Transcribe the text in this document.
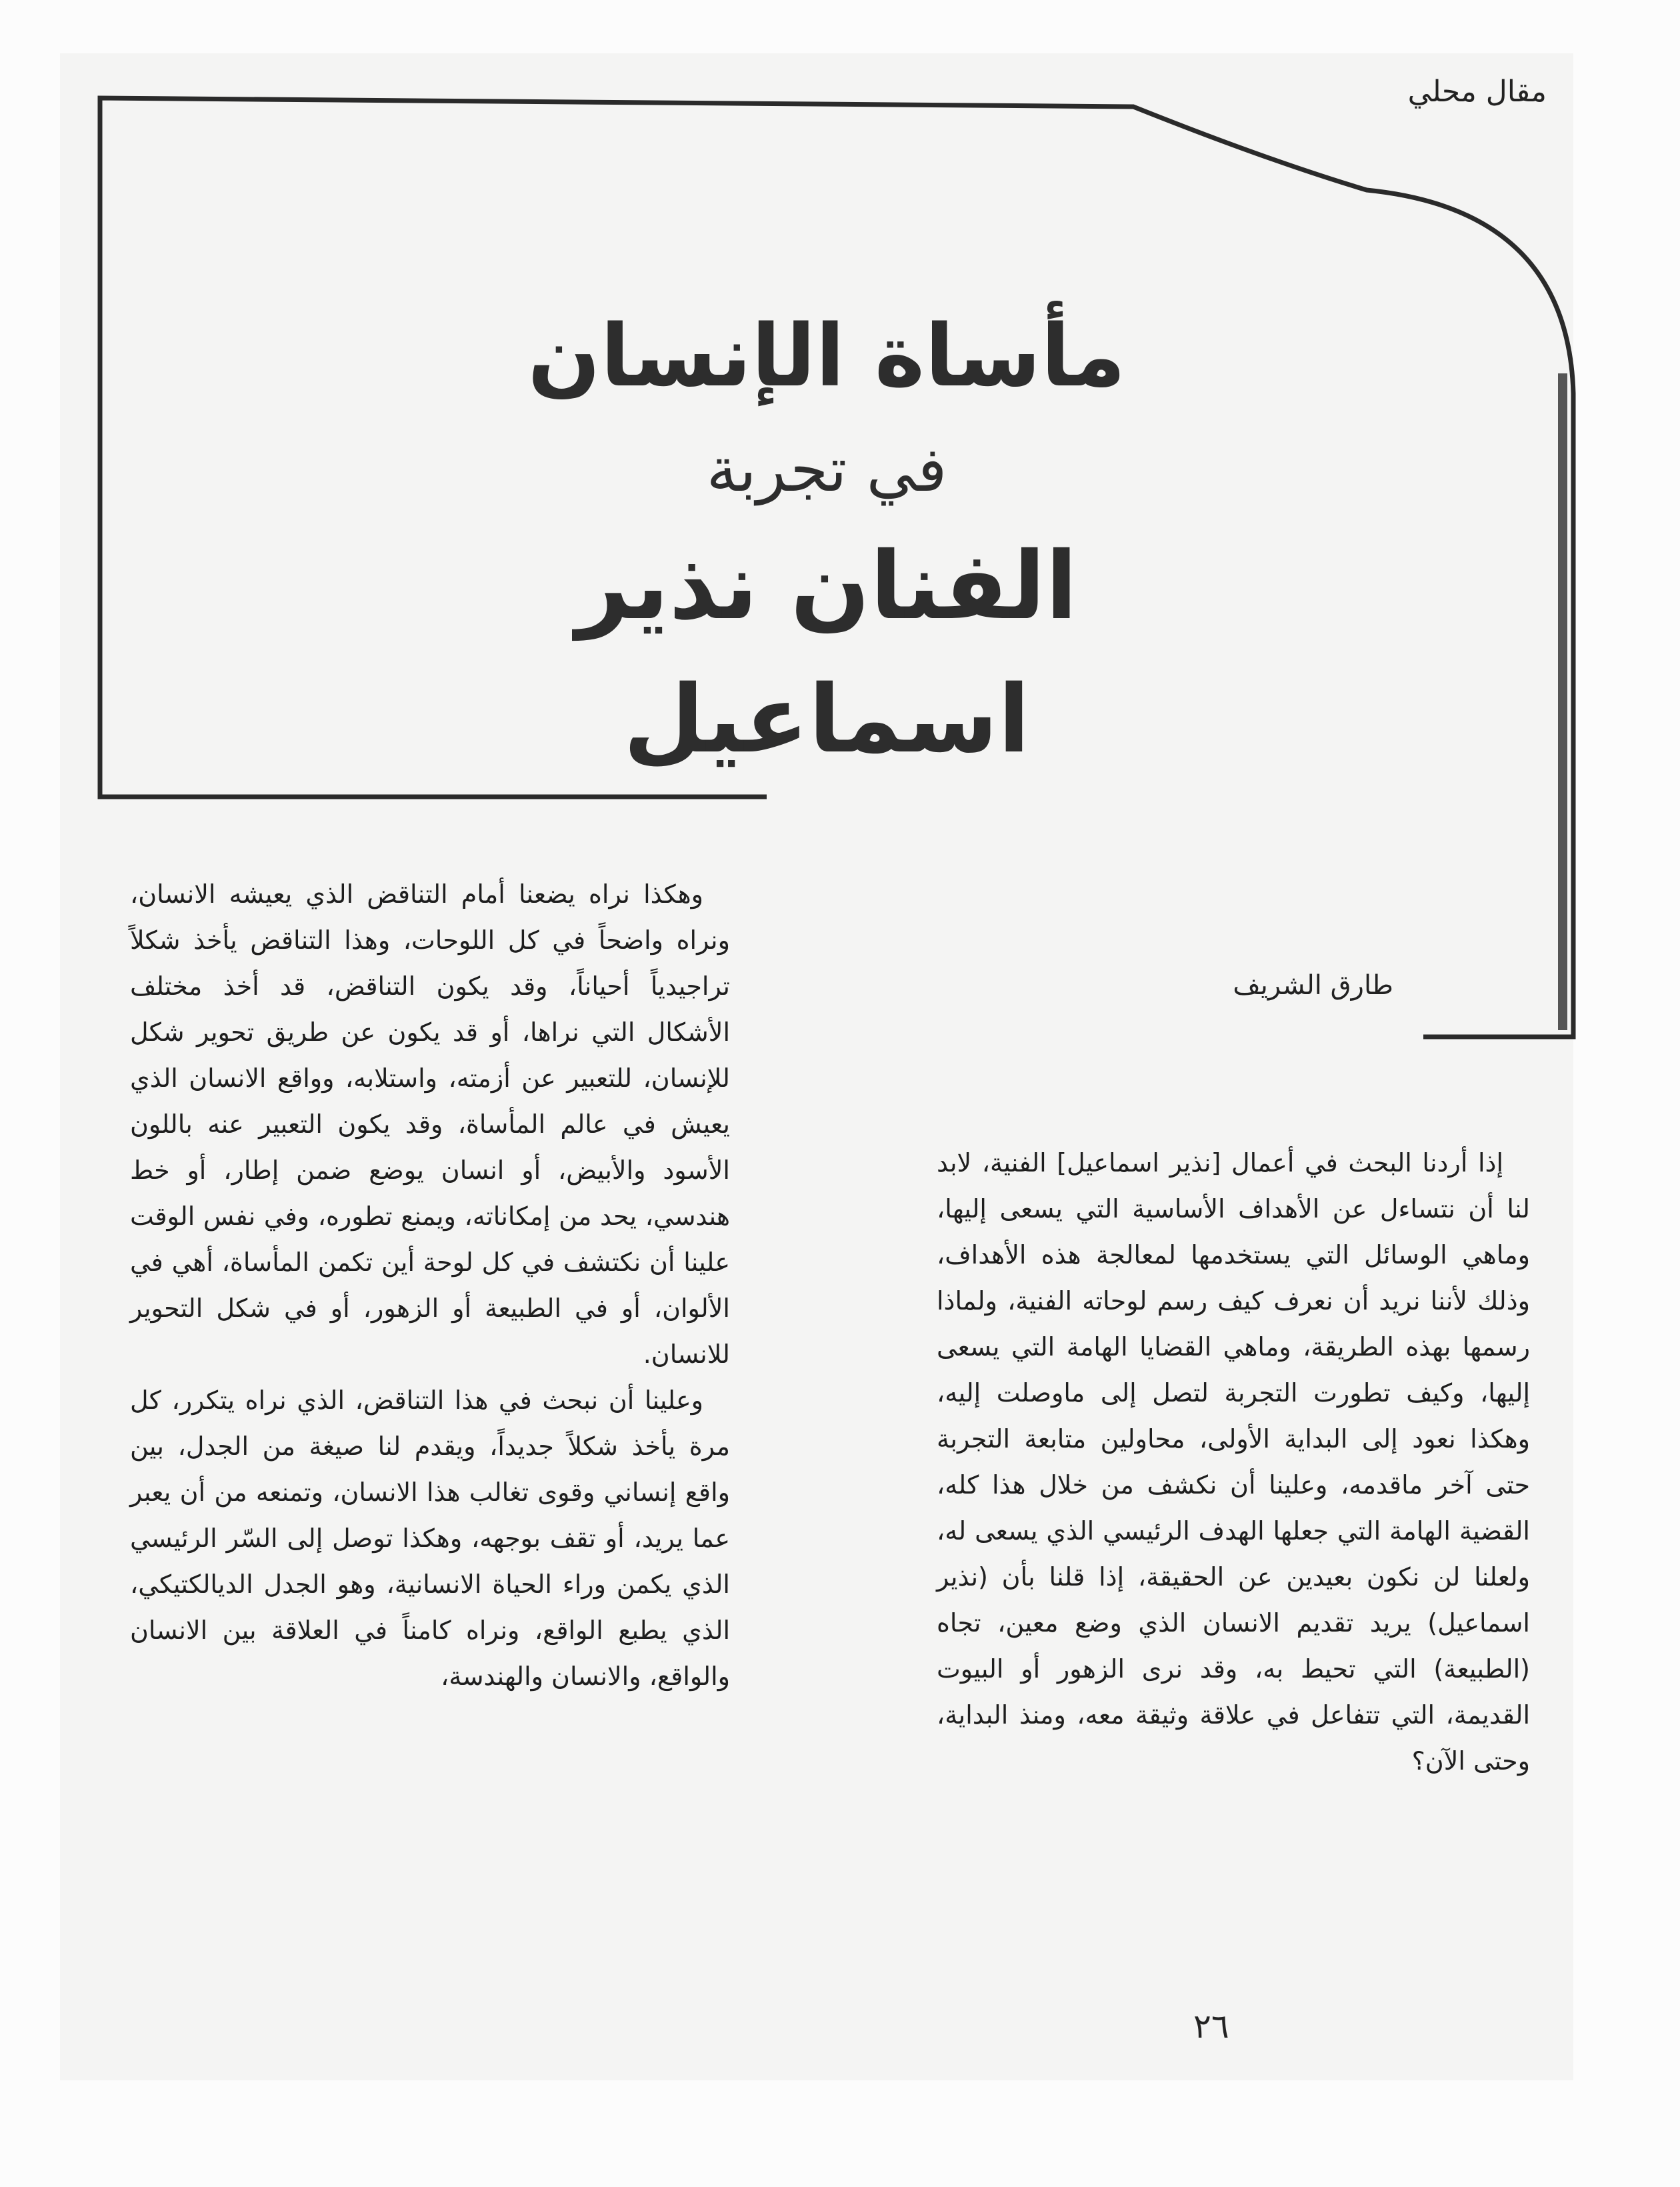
مقال محلي
مأساة الإنسان
في تجربة
الفنان نذير اسماعيل
طارق الشريف

إذا أردنا البحث في أعمال [نذير اسماعيل] الفنية، لابد لنا أن نتساءل عن الأهداف الأساسية التي يسعى إليها، وماهي الوسائل التي يستخدمها لمعالجة هذه الأهداف، وذلك لأننا نريد أن نعرف كيف رسم لوحاته الفنية، ولماذا رسمها بهذه الطريقة، وماهي القضايا الهامة التي يسعى إليها، وكيف تطورت التجربة لتصل إلى ماوصلت إليه، وهكذا نعود إلى البداية الأولى، محاولين متابعة التجربة حتى آخر ماقدمه، وعلينا أن نكشف من خلال هذا كله، القضية الهامة التي جعلها الهدف الرئيسي الذي يسعى له، ولعلنا لن نكون بعيدين عن الحقيقة، إذا قلنا بأن (نذير اسماعيل) يريد تقديم الانسان الذي وضع معين، تجاه (الطبيعة) التي تحيط به، وقد نرى الزهور أو البيوت القديمة، التي تتفاعل في علاقة وثيقة معه، ومنذ البداية، وحتى الآن؟

وهكذا نراه يضعنا أمام التناقض الذي يعيشه الانسان، ونراه واضحاً في كل اللوحات، وهذا التناقض يأخذ شكلاً تراجيدياً أحياناً، وقد يكون التناقض، قد أخذ مختلف الأشكال التي نراها، أو قد يكون عن طريق تحوير شكل للإنسان، للتعبير عن أزمته، واستلابه، وواقع الانسان الذي يعيش في عالم المأساة، وقد يكون التعبير عنه باللون الأسود والأبيض، أو انسان يوضع ضمن إطار، أو خط هندسي، يحد من إمكاناته، ويمنع تطوره، وفي نفس الوقت علينا أن نكتشف في كل لوحة أين تكمن المأساة، أهي في الألوان، أو في الطبيعة أو الزهور، أو في شكل التحوير للانسان.

وعلينا أن نبحث في هذا التناقض، الذي نراه يتكرر، كل مرة يأخذ شكلاً جديداً، ويقدم لنا صيغة من الجدل، بين واقع إنساني وقوى تغالب هذا الانسان، وتمنعه من أن يعبر عما يريد، أو تقف بوجهه، وهكذا توصل إلى السّر الرئيسي الذي يكمن وراء الحياة الانسانية، وهو الجدل الديالكتيكي، الذي يطبع الواقع، ونراه كامناً في العلاقة بين الانسان والواقع، والانسان والهندسة،

٢٦
